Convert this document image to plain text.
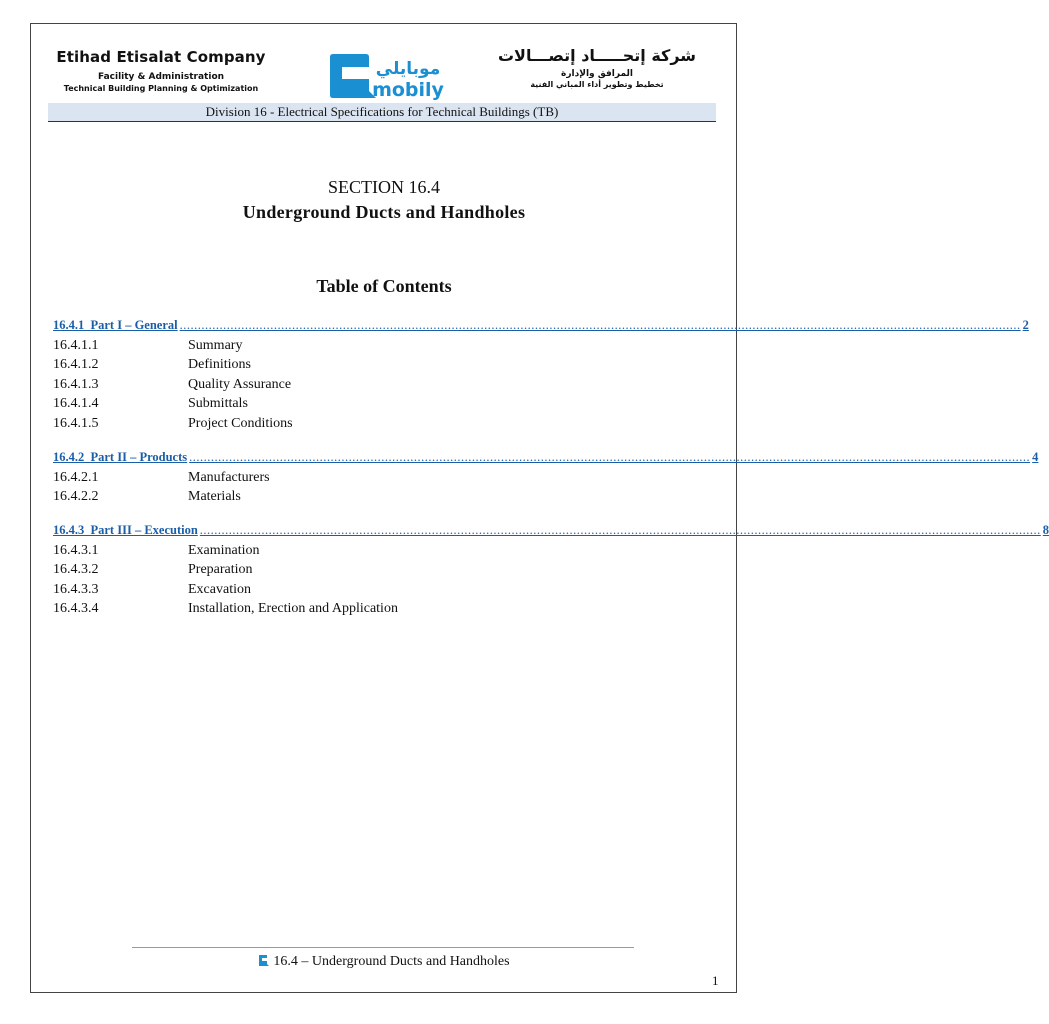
Etihad Etisalat Company
Facility & Administration
Technical Building Planning & Optimization
موبايلي
mobily
شركة إتحـــــاد إتصـــالات
المرافق والإدارة
تخطيط وتطوير أداء المباني الفنية
Division 16 - Electrical Specifications for Technical Buildings (TB)
SECTION 16.4
Underground Ducts and Handholes
Table of Contents
16.4.1  Part I – General ........................................................................................................................................................................................................................................ 2
16.4.1.1	Summary
16.4.1.2	Definitions
16.4.1.3	Quality Assurance
16.4.1.4	Submittals
16.4.1.5	Project Conditions
16.4.2  Part II – Products ........................................................................................................................................................................................................................................ 4
16.4.2.1	Manufacturers
16.4.2.2	Materials
16.4.3  Part III – Execution ........................................................................................................................................................................................................................................ 8
16.4.3.1	Examination
16.4.3.2	Preparation
16.4.3.3	Excavation
16.4.3.4	Installation, Erection and Application
16.4 – Underground Ducts and Handholes
1
